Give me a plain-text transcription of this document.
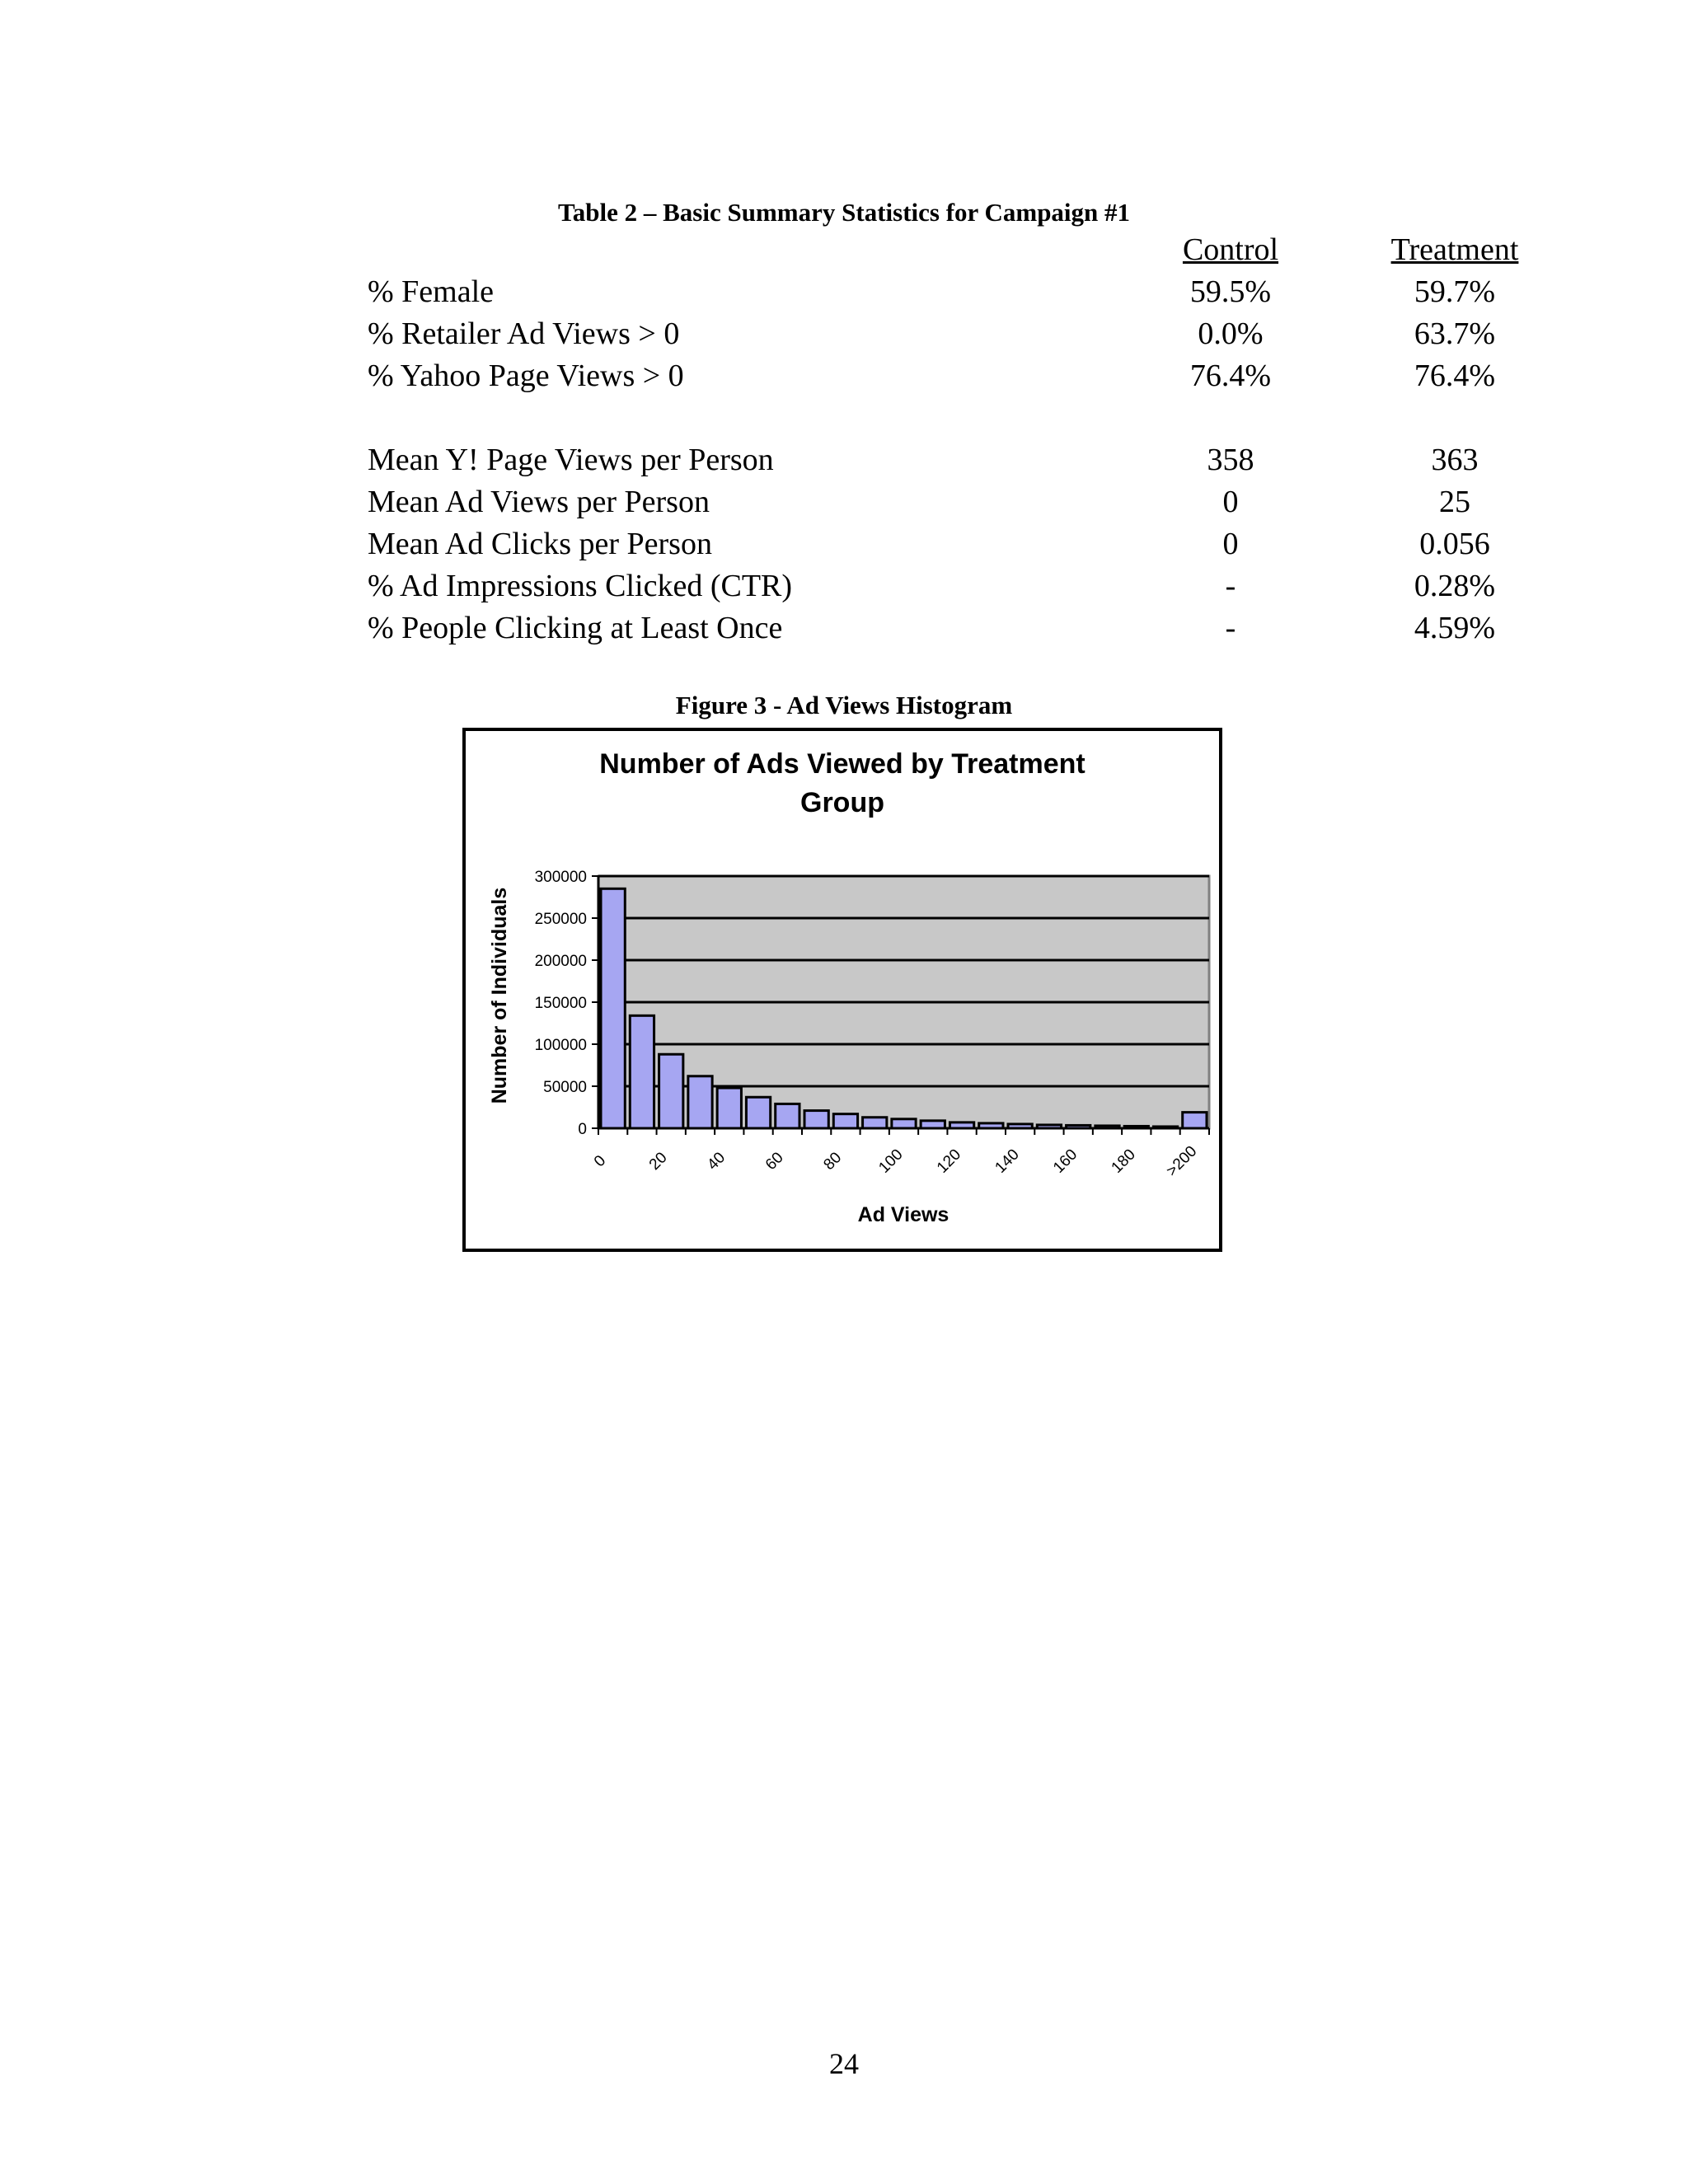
Table 2 – Basic Summary Statistics for Campaign #1
Control	Treatment
% Female	59.5%	59.7%
% Retailer Ad Views > 0	0.0%	63.7%
% Yahoo Page Views > 0	76.4%	76.4%
Mean Y! Page Views per Person	358	363
Mean Ad Views per Person	0	25
Mean Ad Clicks per Person	0	0.056
% Ad Impressions Clicked (CTR)	-	0.28%
% People Clicking at Least Once	-	4.59%
Figure 3 - Ad Views Histogram
Number of Ads Viewed by Treatment
Group
0
50000
100000
150000
200000
250000
300000
0 20 40 60 80 100 120 140 160 180 >200
Ad Views
Number of Individuals
24
